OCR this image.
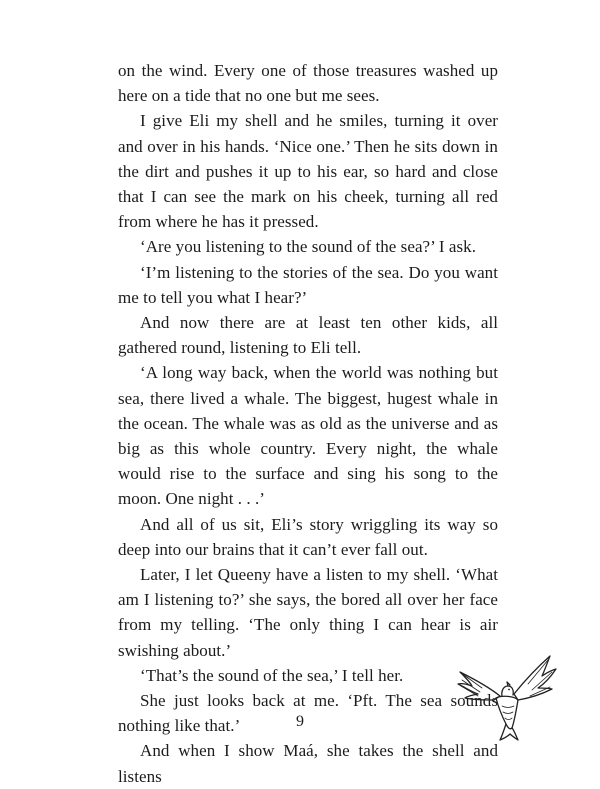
on the wind. Every one of those treasures washed up here on a tide that no one but me sees.

I give Eli my shell and he smiles, turning it over and over in his hands. ‘Nice one.’ Then he sits down in the dirt and pushes it up to his ear, so hard and close that I can see the mark on his cheek, turning all red from where he has it pressed.

‘Are you listening to the sound of the sea?’ I ask.

‘I’m listening to the stories of the sea. Do you want me to tell you what I hear?’

And now there are at least ten other kids, all gathered round, listening to Eli tell.

‘A long way back, when the world was nothing but sea, there lived a whale. The biggest, hugest whale in the ocean. The whale was as old as the universe and as big as this whole country. Every night, the whale would rise to the surface and sing his song to the moon. One night . . .’

And all of us sit, Eli’s story wriggling its way so deep into our brains that it can’t ever fall out.

Later, I let Queeny have a listen to my shell. ‘What am I listening to?’ she says, the bored all over her face from my telling. ‘The only thing I can hear is air swishing about.’

‘That’s the sound of the sea,’ I tell her.

She just looks back at me. ‘Pft. The sea sounds nothing like that.’

And when I show Maá, she takes the shell and listens

9
